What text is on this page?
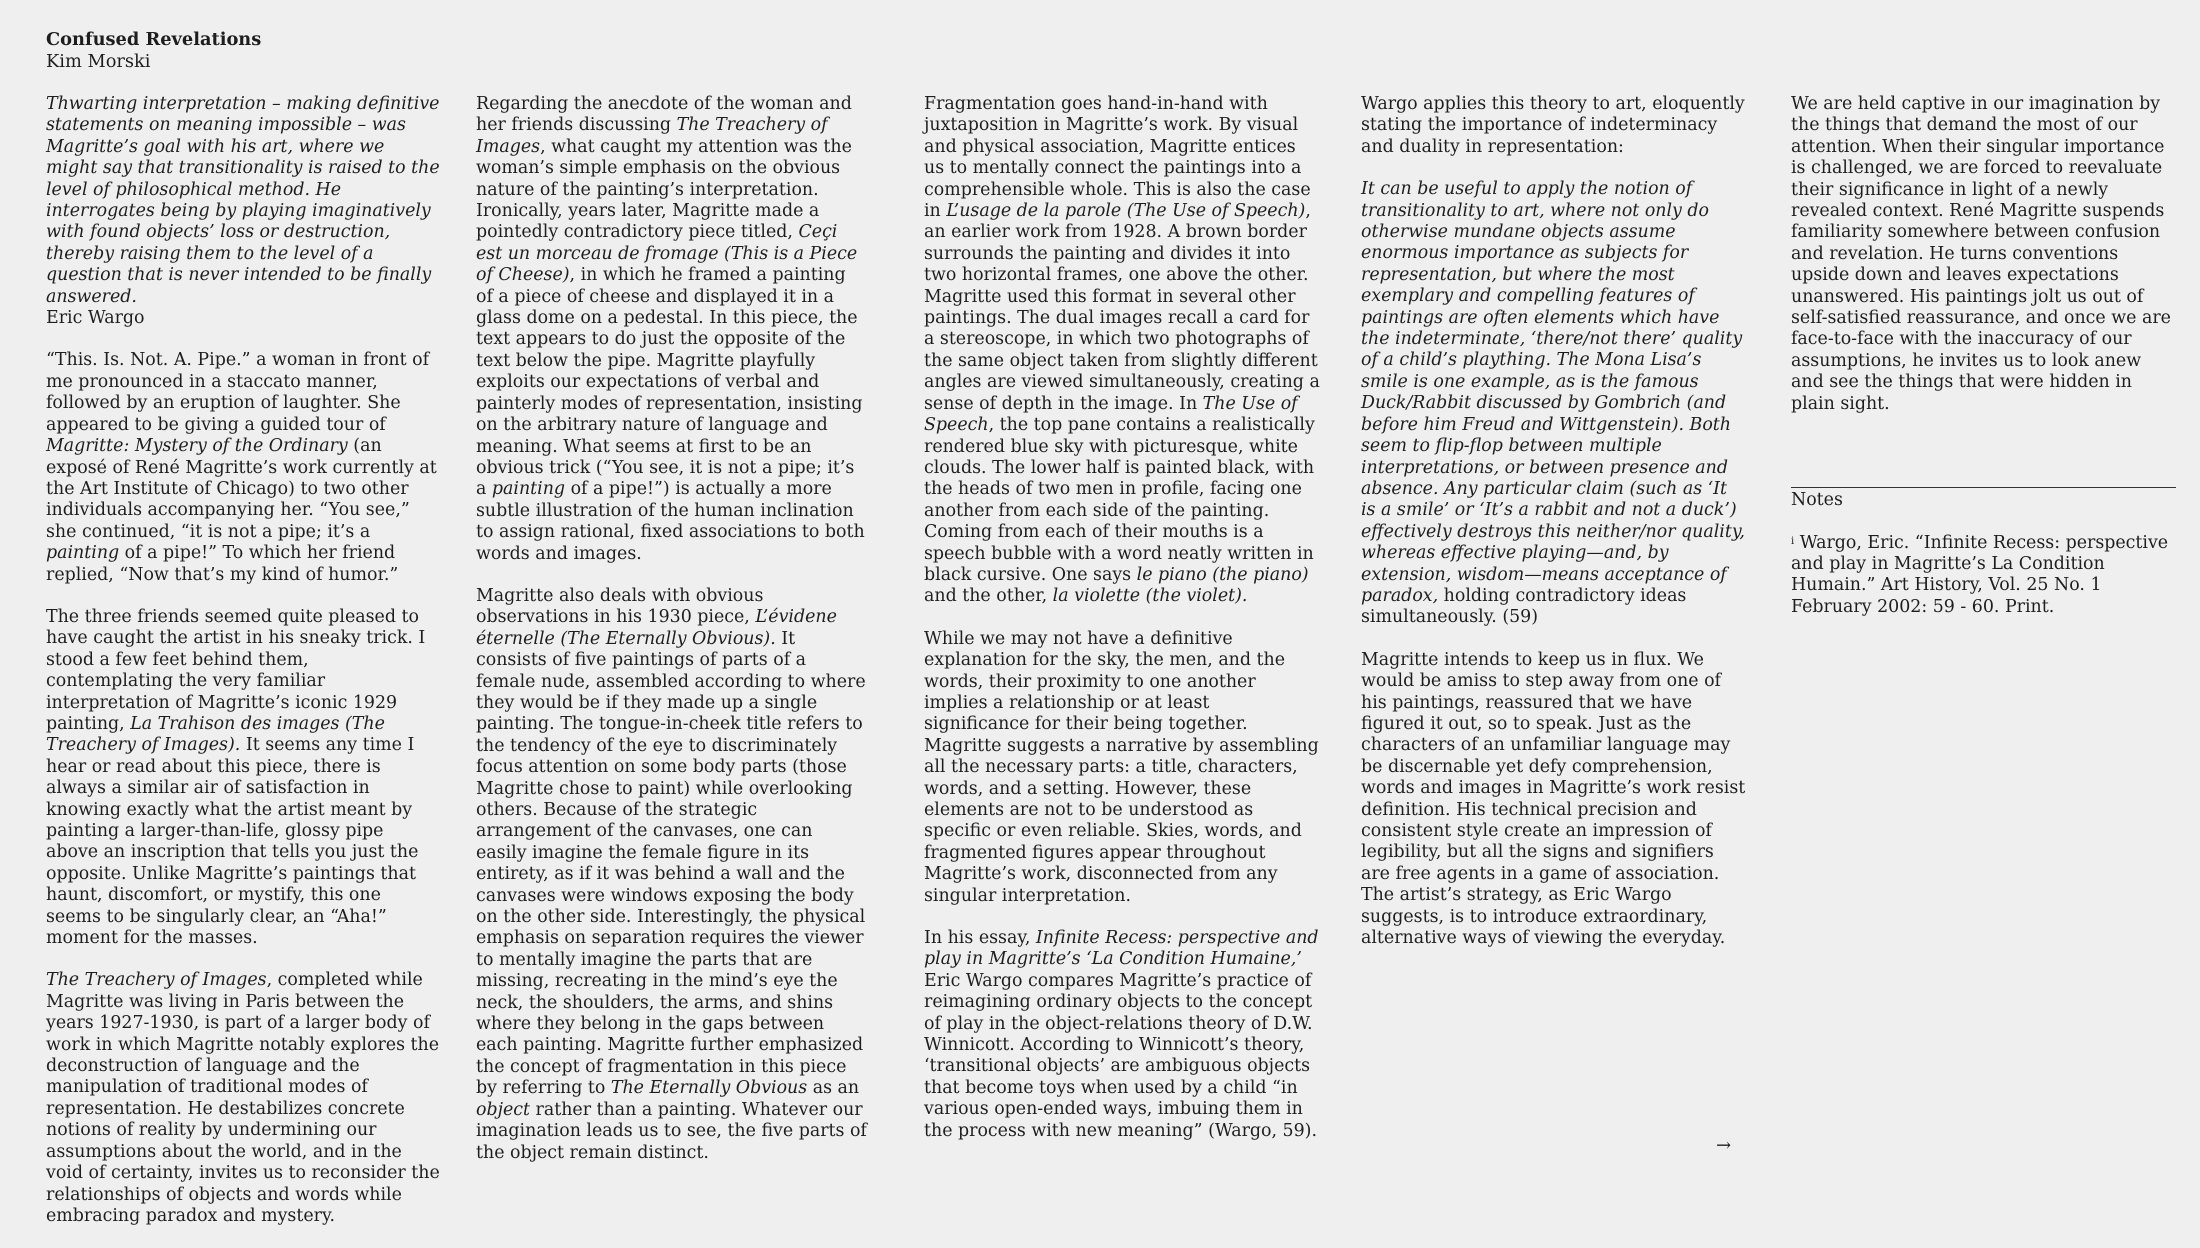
Confused Revelations
Kim Morski

Thwarting interpretation – making definitive statements on meaning impossible – was Magritte’s goal with his art, where we might say that transitionality is raised to the level of philosophical method. He interrogates being by playing imaginatively with found objects’ loss or destruction, thereby raising them to the level of a question that is never intended to be finally answered.

Eric Wargo

“This. Is. Not. A. Pipe.” a woman in front of me pronounced in a staccato manner, followed by an eruption of laughter. She appeared to be giving a guided tour of Magritte: Mystery of the Ordinary (an exposé of René Magritte’s work currently at the Art Institute of Chicago) to two other individuals accompanying her. “You see,” she continued, “it is not a pipe; it’s a painting of a pipe!” To which her friend replied, “Now that’s my kind of humor.”

The three friends seemed quite pleased to have caught the artist in his sneaky trick. I stood a few feet behind them, contemplating the very familiar interpretation of Magritte’s iconic 1929 painting, La Trahison des images (The Treachery of Images). It seems any time I hear or read about this piece, there is always a similar air of satisfaction in knowing exactly what the artist meant by painting a larger-than-life, glossy pipe above an inscription that tells you just the opposite. Unlike Magritte’s paintings that haunt, discomfort, or mystify, this one seems to be singularly clear, an “Aha!” moment for the masses.

The Treachery of Images, completed while Magritte was living in Paris between the years 1927-1930, is part of a larger body of work in which Magritte notably explores the deconstruction of language and the manipulation of traditional modes of representation. He destabilizes concrete notions of reality by undermining our assumptions about the world, and in the void of certainty, invites us to reconsider the relationships of objects and words while embracing paradox and mystery.

Regarding the anecdote of the woman and her friends discussing The Treachery of Images, what caught my attention was the woman’s simple emphasis on the obvious nature of the painting’s interpretation. Ironically, years later, Magritte made a pointedly contradictory piece titled, Ceçi est un morceau de fromage (This is a Piece of Cheese), in which he framed a painting of a piece of cheese and displayed it in a glass dome on a pedestal. In this piece, the text appears to do just the opposite of the text below the pipe. Magritte playfully exploits our expectations of verbal and painterly modes of representation, insisting on the arbitrary nature of language and meaning. What seems at first to be an obvious trick (“You see, it is not a pipe; it’s a painting of a pipe!”) is actually a more subtle illustration of the human inclination to assign rational, fixed associations to both words and images.

Magritte also deals with obvious observations in his 1930 piece, L’évidene éternelle (The Eternally Obvious). It consists of five paintings of parts of a female nude, assembled according to where they would be if they made up a single painting. The tongue-in-cheek title refers to the tendency of the eye to discriminately focus attention on some body parts (those Magritte chose to paint) while overlooking others. Because of the strategic arrangement of the canvases, one can easily imagine the female figure in its entirety, as if it was behind a wall and the canvases were windows exposing the body on the other side. Interestingly, the physical emphasis on separation requires the viewer to mentally imagine the parts that are missing, recreating in the mind’s eye the neck, the shoulders, the arms, and shins where they belong in the gaps between each painting. Magritte further emphasized the concept of fragmentation in this piece by referring to The Eternally Obvious as an object rather than a painting. Whatever our imagination leads us to see, the five parts of the object remain distinct.

Fragmentation goes hand-in-hand with juxtaposition in Magritte’s work. By visual and physical association, Magritte entices us to mentally connect the paintings into a comprehensible whole. This is also the case in L’usage de la parole (The Use of Speech), an earlier work from 1928. A brown border surrounds the painting and divides it into two horizontal frames, one above the other. Magritte used this format in several other paintings. The dual images recall a card for a stereoscope, in which two photographs of the same object taken from slightly different angles are viewed simultaneously, creating a sense of depth in the image. In The Use of Speech, the top pane contains a realistically rendered blue sky with picturesque, white clouds. The lower half is painted black, with the heads of two men in profile, facing one another from each side of the painting. Coming from each of their mouths is a speech bubble with a word neatly written in black cursive. One says le piano (the piano) and the other, la violette (the violet).

While we may not have a definitive explanation for the sky, the men, and the words, their proximity to one another implies a relationship or at least significance for their being together. Magritte suggests a narrative by assembling all the necessary parts: a title, characters, words, and a setting. However, these elements are not to be understood as specific or even reliable. Skies, words, and fragmented figures appear throughout Magritte’s work, disconnected from any singular interpretation.

In his essay, Infinite Recess: perspective and play in Magritte’s ‘La Condition Humaine,’ Eric Wargo compares Magritte’s practice of reimagining ordinary objects to the concept of play in the object-relations theory of D.W. Winnicott. According to Winnicott’s theory, ‘transitional objects’ are ambiguous objects that become toys when used by a child “in various open-ended ways, imbuing them in the process with new meaning” (Wargo, 59).

Wargo applies this theory to art, eloquently stating the importance of indeterminacy and duality in representation:

It can be useful to apply the notion of transitionality to art, where not only do otherwise mundane objects assume enormous importance as subjects for representation, but where the most exemplary and compelling features of paintings are often elements which have the indeterminate, ‘there/not there’ quality of a child’s plaything. The Mona Lisa’s smile is one example, as is the famous Duck/Rabbit discussed by Gombrich (and before him Freud and Wittgenstein). Both seem to flip-flop between multiple interpretations, or between presence and absence. Any particular claim (such as ‘It is a smile’ or ‘It’s a rabbit and not a duck’) effectively destroys this neither/nor quality, whereas effective playing—and, by extension, wisdom—means acceptance of paradox, holding contradictory ideas simultaneously. (59)

Magritte intends to keep us in flux. We would be amiss to step away from one of his paintings, reassured that we have figured it out, so to speak. Just as the characters of an unfamiliar language may be discernable yet defy comprehension, words and images in Magritte’s work resist definition. His technical precision and consistent style create an impression of legibility, but all the signs and signifiers are free agents in a game of association. The artist’s strategy, as Eric Wargo suggests, is to introduce extraordinary, alternative ways of viewing the everyday.

We are held captive in our imagination by the things that demand the most of our attention. When their singular importance is challenged, we are forced to reevaluate their significance in light of a newly revealed context. René Magritte suspends familiarity somewhere between confusion and revelation. He turns conventions upside down and leaves expectations unanswered. His paintings jolt us out of self-satisfied reassurance, and once we are face-to-face with the inaccuracy of our assumptions, he invites us to look anew and see the things that were hidden in plain sight.

Notes

$^i$ Wargo, Eric. “Infinite Recess: perspective and play in Magritte’s La Condition Humain.” Art History, Vol. 25 No. 1 February 2002: 59 - 60. Print.

→
